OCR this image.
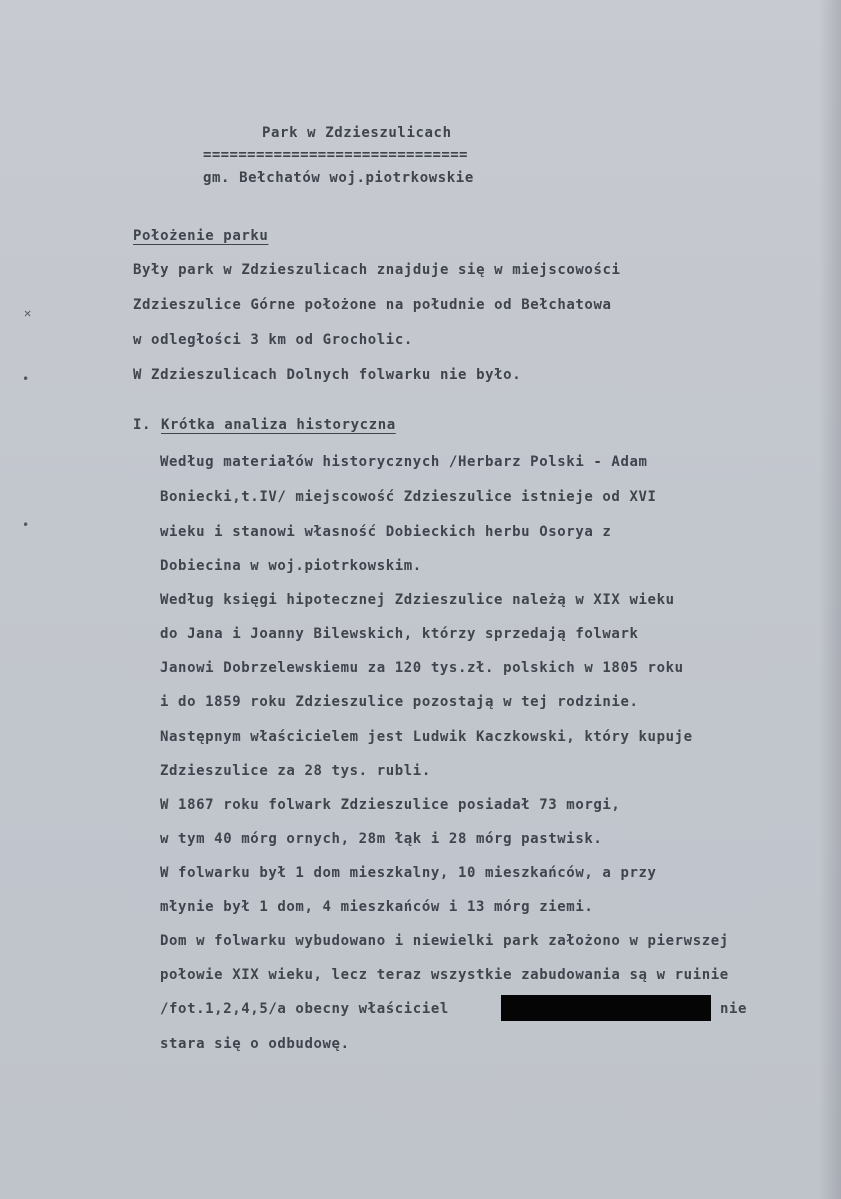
Park w Zdzieszulicach
==============================
gm. Bełchatów woj.piotrkowskie
Położenie parku
Były park w Zdzieszulicach znajduje się w miejscowości
Zdzieszulice Górne położone na południe od Bełchatowa
w odległości 3 km od Grocholic.
W Zdzieszulicach Dolnych folwarku nie było.
I. Krótka analiza historyczna
Według materiałów historycznych /Herbarz Polski - Adam
Boniecki,t.IV/ miejscowość Zdzieszulice istnieje od XVI
wieku i stanowi własność Dobieckich herbu Osorya z
Dobiecina w woj.piotrkowskim.
Według księgi hipotecznej Zdzieszulice należą w XIX wieku
do Jana i Joanny Bilewskich, którzy sprzedają folwark
Janowi Dobrzelewskiemu za 120 tys.zł. polskich w 1805 roku
i do 1859 roku Zdzieszulice pozostają w tej rodzinie.
Następnym właścicielem jest Ludwik Kaczkowski, który kupuje
Zdzieszulice za 28 tys. rubli.
W 1867 roku folwark Zdzieszulice posiadał 73 morgi,
w tym 40 mórg ornych, 28m łąk i 28 mórg pastwisk.
W folwarku był 1 dom mieszkalny, 10 mieszkańców, a przy
młynie był 1 dom, 4 mieszkańców i 13 mórg ziemi.
Dom w folwarku wybudowano i niewielki park założono w pierwszej
połowie XIX wieku, lecz teraz wszystkie zabudowania są w ruinie
/fot.1,2,4,5/a obecny właściciel	nie
stara się o odbudowę.
✕
•
•
